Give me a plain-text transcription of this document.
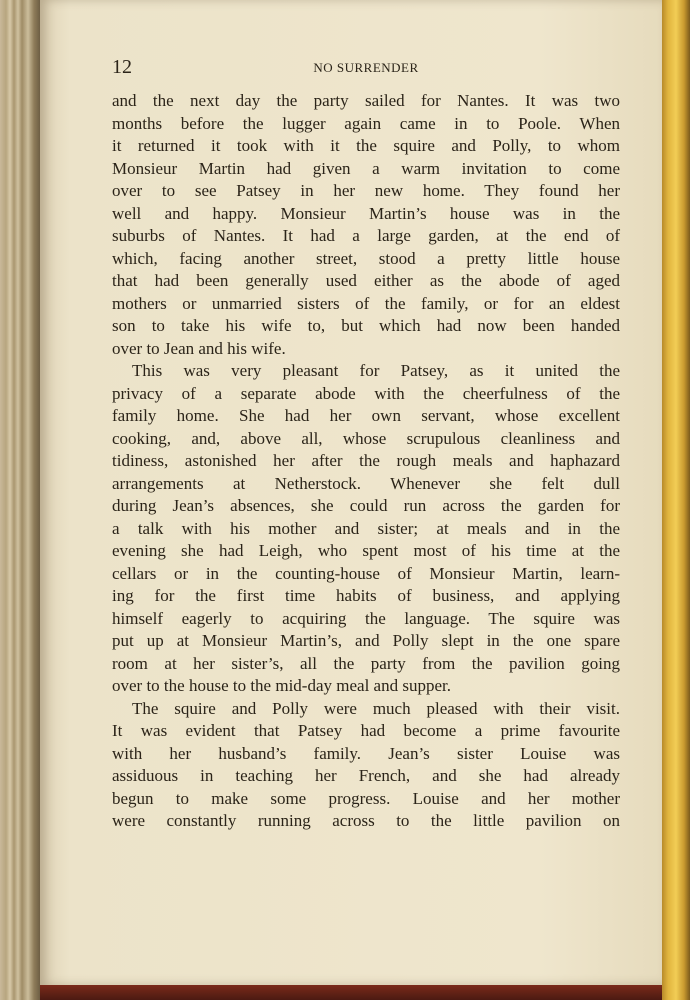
12	NO SURRENDER
and the next day the party sailed for Nantes. It was two
months before the lugger again came in to Poole. When
it returned it took with it the squire and Polly, to whom
Monsieur Martin had given a warm invitation to come
over to see Patsey in her new home. They found her
well and happy. Monsieur Martin’s house was in the
suburbs of Nantes. It had a large garden, at the end of
which, facing another street, stood a pretty little house
that had been generally used either as the abode of aged
mothers or unmarried sisters of the family, or for an eldest
son to take his wife to, but which had now been handed
over to Jean and his wife.
This was very pleasant for Patsey, as it united the
privacy of a separate abode with the cheerfulness of the
family home. She had her own servant, whose excellent
cooking, and, above all, whose scrupulous cleanliness and
tidiness, astonished her after the rough meals and haphazard
arrangements at Netherstock. Whenever she felt dull
during Jean’s absences, she could run across the garden for
a talk with his mother and sister; at meals and in the
evening she had Leigh, who spent most of his time at the
cellars or in the counting-house of Monsieur Martin, learn-
ing for the first time habits of business, and applying
himself eagerly to acquiring the language. The squire was
put up at Monsieur Martin’s, and Polly slept in the one spare
room at her sister’s, all the party from the pavilion going
over to the house to the mid-day meal and supper.
The squire and Polly were much pleased with their visit.
It was evident that Patsey had become a prime favourite
with her husband’s family. Jean’s sister Louise was
assiduous in teaching her French, and she had already
begun to make some progress. Louise and her mother
were constantly running across to the little pavilion on
